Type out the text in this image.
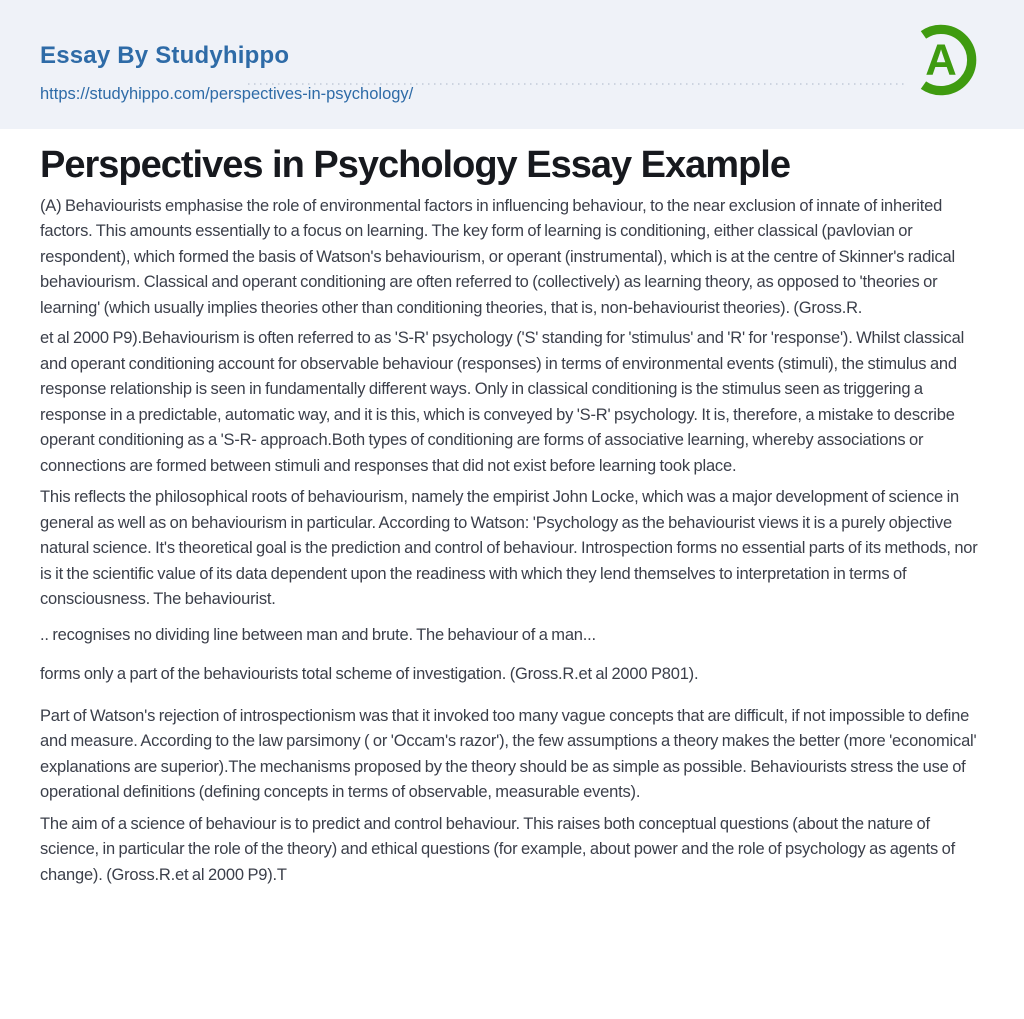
Essay By Studyhippo
https://studyhippo.com/perspectives-in-psychology/
A
Perspectives in Psychology Essay Example

(A) Behaviourists emphasise the role of environmental factors in influencing behaviour, to the near exclusion of innate of inherited factors. This amounts essentially to a focus on learning. The key form of learning is conditioning, either classical (pavlovian or respondent), which formed the basis of Watson's behaviourism, or operant (instrumental), which is at the centre of Skinner's radical behaviourism. Classical and operant conditioning are often referred to (collectively) as learning theory, as opposed to 'theories or learning' (which usually implies theories other than conditioning theories, that is, non-behaviourist theories). (Gross.R.

et al 2000 P9).Behaviourism is often referred to as 'S-R' psychology ('S' standing for 'stimulus' and 'R' for 'response'). Whilst classical and operant conditioning account for observable behaviour (responses) in terms of environmental events (stimuli), the stimulus and response relationship is seen in fundamentally different ways. Only in classical conditioning is the stimulus seen as triggering a response in a predictable, automatic way, and it is this, which is conveyed by 'S-R' psychology. It is, therefore, a mistake to describe operant conditioning as a 'S-R- approach.Both types of conditioning are forms of associative learning, whereby associations or connections are formed between stimuli and responses that did not exist before learning took place.

This reflects the philosophical roots of behaviourism, namely the empirist John Locke, which was a major development of science in general as well as on behaviourism in particular. According to Watson: 'Psychology as the behaviourist views it is a purely objective natural science. It's theoretical goal is the prediction and control of behaviour. Introspection forms no essential parts of its methods, nor is it the scientific value of its data dependent upon the readiness with which they lend themselves to interpretation in terms of consciousness. The behaviourist.

.. recognises no dividing line between man and brute. The behaviour of a man...

forms only a part of the behaviourists total scheme of investigation. (Gross.R.et al 2000 P801).

Part of Watson's rejection of introspectionism was that it invoked too many vague concepts that are difficult, if not impossible to define and measure. According to the law parsimony ( or 'Occam's razor'), the few assumptions a theory makes the better (more 'economical' explanations are superior).The mechanisms proposed by the theory should be as simple as possible. Behaviourists stress the use of operational definitions (defining concepts in terms of observable, measurable events).

The aim of a science of behaviour is to predict and control behaviour. This raises both conceptual questions (about the nature of science, in particular the role of the theory) and ethical questions (for example, about power and the role of psychology as agents of change). (Gross.R.et al 2000 P9).T
